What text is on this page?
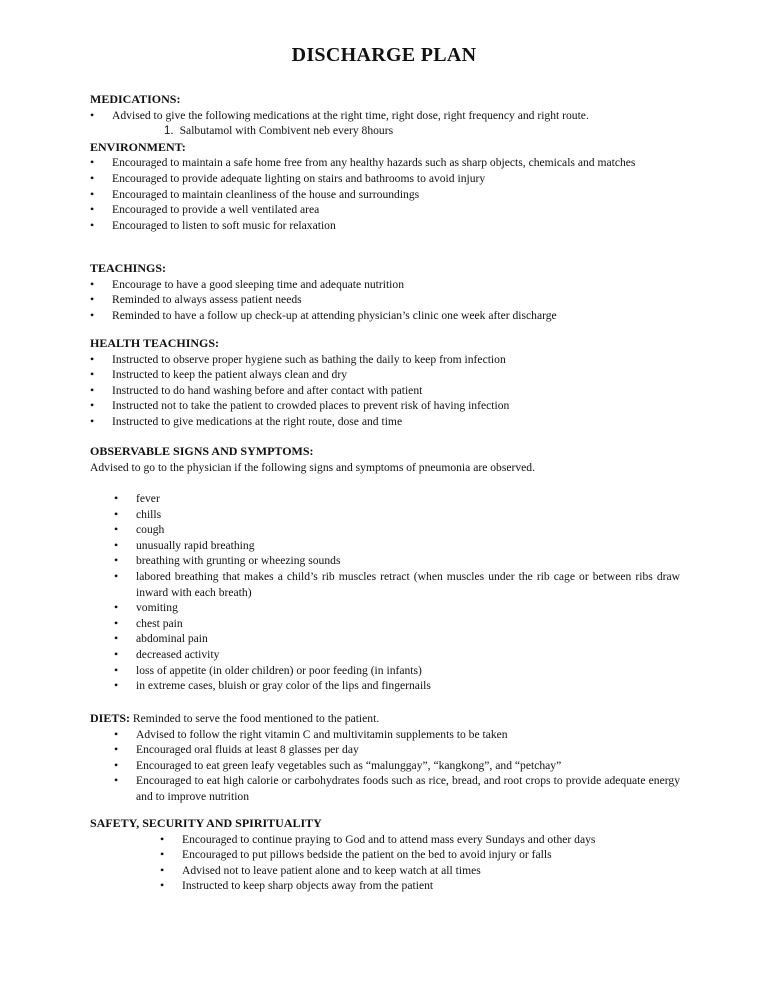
DISCHARGE PLAN
MEDICATIONS:
• Advised to give the following medications at the right time, right dose, right frequency and right route.
1. Salbutamol with Combivent neb every 8hours
ENVIRONMENT:
• Encouraged to maintain a safe home free from any healthy hazards such as sharp objects, chemicals and matches
• Encouraged to provide adequate lighting on stairs and bathrooms to avoid injury
• Encouraged to maintain cleanliness of the house and surroundings
• Encouraged to provide a well ventilated area
• Encouraged to listen to soft music for relaxation
TEACHINGS:
• Encourage to have a good sleeping time and adequate nutrition
• Reminded to always assess patient needs
• Reminded to have a follow up check-up at attending physician’s clinic one week after discharge
HEALTH TEACHINGS:
• Instructed to observe proper hygiene such as bathing the daily to keep from infection
• Instructed to keep the patient always clean and dry
• Instructed to do hand washing before and after contact with patient
• Instructed not to take the patient to crowded places to prevent risk of having infection
• Instructed to give medications at the right route, dose and time
OBSERVABLE SIGNS AND SYMPTOMS:
Advised to go to the physician if the following signs and symptoms of pneumonia are observed.
• fever
• chills
• cough
• unusually rapid breathing
• breathing with grunting or wheezing sounds
• labored breathing that makes a child’s rib muscles retract (when muscles under the rib cage or between ribs draw inward with each breath)
• vomiting
• chest pain
• abdominal pain
• decreased activity
• loss of appetite (in older children) or poor feeding (in infants)
• in extreme cases, bluish or gray color of the lips and fingernails
DIETS: Reminded to serve the food mentioned to the patient.
• Advised to follow the right vitamin C and multivitamin supplements to be taken
• Encouraged oral fluids at least 8 glasses per day
• Encouraged to eat green leafy vegetables such as “malunggay”, “kangkong”, and “petchay”
• Encouraged to eat high calorie or carbohydrates foods such as rice, bread, and root crops to provide adequate energy and to improve nutrition
SAFETY, SECURITY AND SPIRITUALITY
• Encouraged to continue praying to God and to attend mass every Sundays and other days
• Encouraged to put pillows bedside the patient on the bed to avoid injury or falls
• Advised not to leave patient alone and to keep watch at all times
• Instructed to keep sharp objects away from the patient
